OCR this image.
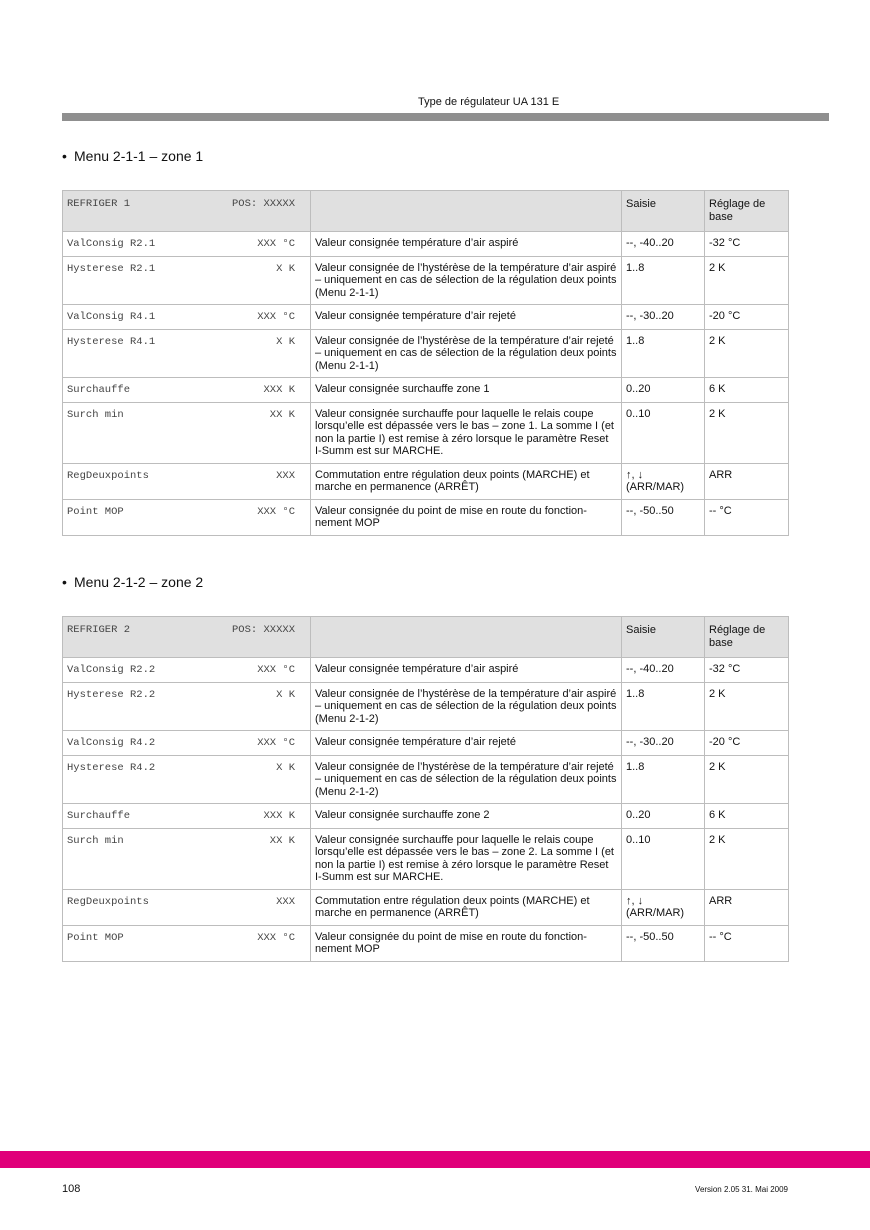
Type de régulateur UA 131 E
• Menu 2-1-1 – zone 1
REFRIGER 1 POS: XXXXX		Saisie	Réglage de base

ValConsig R2.1 XXX °C	Valeur consignée température d’air aspiré	--, -40..20	-32 °C

Hysterese R2.1 X K	Valeur consignée de l’hystérèse de la température d’air aspiré – uniquement en cas de sélection de la régulation deux points (Menu 2-1-1)	1..8	2 K

ValConsig R4.1 XXX °C	Valeur consignée température d’air rejeté	--, -30..20	-20 °C

Hysterese R4.1 X K	Valeur consignée de l’hystérèse de la température d’air rejeté – uniquement en cas de sélection de la régulation deux points (Menu 2-1-1)	1..8	2 K

Surchauffe XXX K	Valeur consignée surchauffe zone 1	0..20	6 K

Surch min XX K	Valeur consignée surchauffe pour laquelle le relais coupe lorsqu’elle est dépassée vers le bas – zone 1. La somme I (et non la partie I) est remise à zéro lorsque le paramètre Reset I-Summ est sur MARCHE.	0..10	2 K

RegDeuxpoints XXX	Commutation entre régulation deux points (MARCHE) et marche en permanence (ARRÊT)	↑, ↓ (ARR/MAR)	ARR

Point MOP XXX °C	Valeur consignée du point de mise en route du fonction-nement MOP	--, -50..50	-- °C
• Menu 2-1-2 – zone 2
REFRIGER 2 POS: XXXXX		Saisie	Réglage de base

ValConsig R2.2 XXX °C	Valeur consignée température d’air aspiré	--, -40..20	-32 °C

Hysterese R2.2 X K	Valeur consignée de l’hystérèse de la température d’air aspiré – uniquement en cas de sélection de la régulation deux points (Menu 2-1-2)	1..8	2 K

ValConsig R4.2 XXX °C	Valeur consignée température d’air rejeté	--, -30..20	-20 °C

Hysterese R4.2 X K	Valeur consignée de l’hystérèse de la température d’air rejeté – uniquement en cas de sélection de la régulation deux points (Menu 2-1-2)	1..8	2 K

Surchauffe XXX K	Valeur consignée surchauffe zone 2	0..20	6 K

Surch min XX K	Valeur consignée surchauffe pour laquelle le relais coupe lorsqu’elle est dépassée vers le bas – zone 2. La somme I (et non la partie I) est remise à zéro lorsque le paramètre Reset I-Summ est sur MARCHE.	0..10	2 K

RegDeuxpoints XXX	Commutation entre régulation deux points (MARCHE) et marche en permanence (ARRÊT)	↑, ↓ (ARR/MAR)	ARR

Point MOP XXX °C	Valeur consignée du point de mise en route du fonction-nement MOP	--, -50..50	-- °C
108	Version 2.05 31. Mai 2009
